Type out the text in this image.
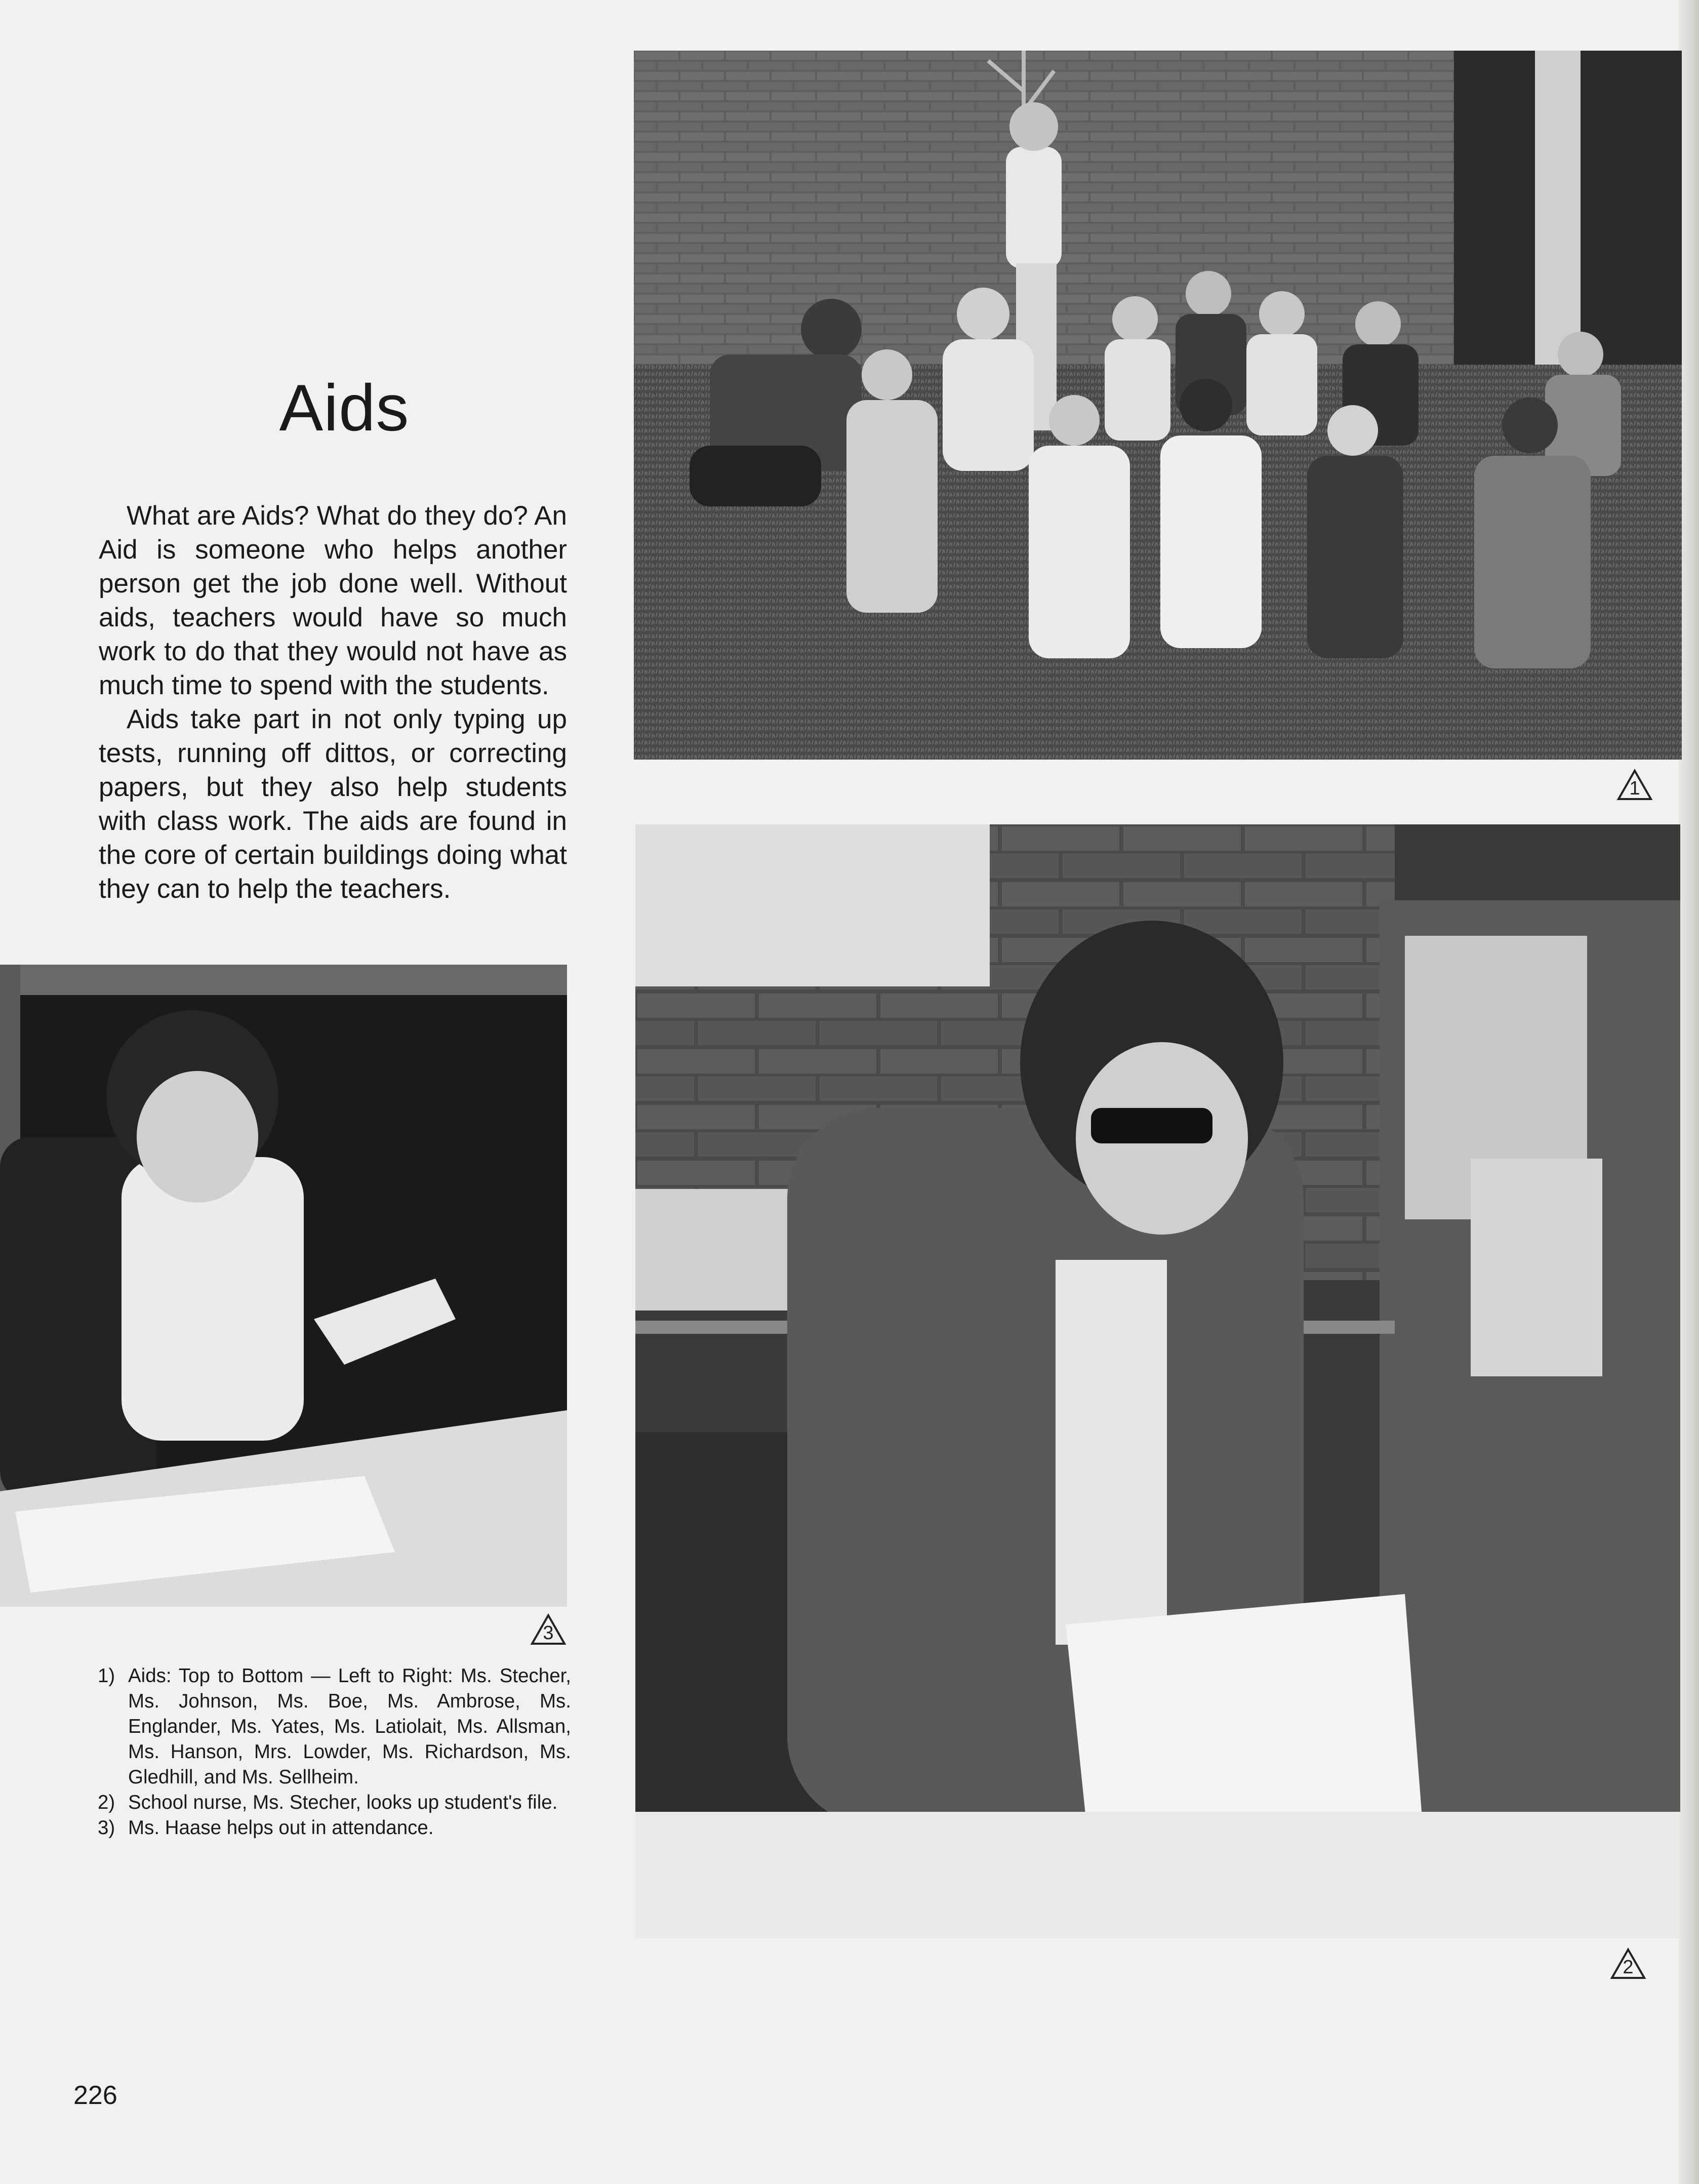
Aids

What are Aids? What do they do? An Aid is someone who helps another person get the job done well. Without aids, teachers would have so much work to do that they would not have as much time to spend with the students.

Aids take part in not only typing up tests, running off dittos, or correcting papers, but they also help students with class work. The aids are found in the core of certain buildings doing what they can to help the teachers.

1
2
3
1) Aids: Top to Bottom — Left to Right: Ms. Stecher, Ms. Johnson, Ms. Boe, Ms. Ambrose, Ms. Englander, Ms. Yates, Ms. Latiolait, Ms. Allsman, Ms. Hanson, Mrs. Lowder, Ms. Richardson, Ms. Gledhill, and Ms. Sellheim.
2) School nurse, Ms. Stecher, looks up student's file.
3) Ms. Haase helps out in attendance.
226
